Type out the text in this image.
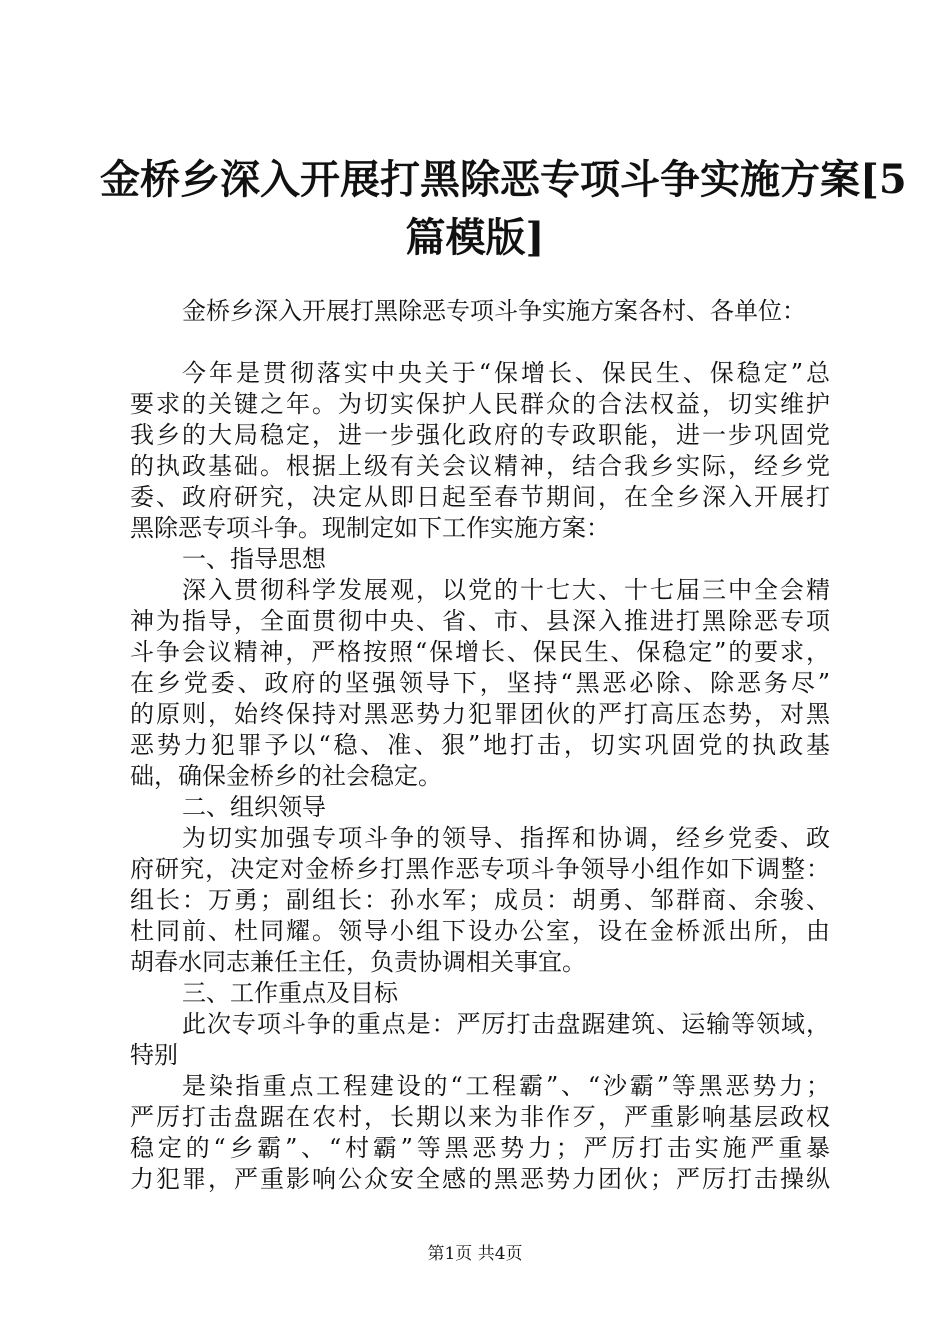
金桥乡深入开展打黑除恶专项斗争实施方案[5
篇模版]
金桥乡深入开展打黑除恶专项斗争实施方案各村、各单位：
今年是贯彻落实中央关于“保增长、保民生、保稳定”总
要求的关键之年。为切实保护人民群众的合法权益，切实维护
我乡的大局稳定，进一步强化政府的专政职能，进一步巩固党
的执政基础。根据上级有关会议精神，结合我乡实际，经乡党
委、政府研究，决定从即日起至春节期间，在全乡深入开展打
黑除恶专项斗争。现制定如下工作实施方案：
一、指导思想
深入贯彻科学发展观，以党的十七大、十七届三中全会精
神为指导，全面贯彻中央、省、市、县深入推进打黑除恶专项
斗争会议精神，严格按照“保增长、保民生、保稳定”的要求，
在乡党委、政府的坚强领导下，坚持“黑恶必除、除恶务尽”
的原则，始终保持对黑恶势力犯罪团伙的严打高压态势，对黑
恶势力犯罪予以“稳、准、狠”地打击，切实巩固党的执政基
础，确保金桥乡的社会稳定。
二、组织领导
为切实加强专项斗争的领导、指挥和协调，经乡党委、政
府研究，决定对金桥乡打黑作恶专项斗争领导小组作如下调整：
组长：万勇；副组长：孙水军；成员：胡勇、邹群商、余骏、
杜同前、杜同耀。领导小组下设办公室，设在金桥派出所，由
胡春水同志兼任主任，负责协调相关事宜。
三、工作重点及目标
此次专项斗争的重点是：严厉打击盘踞建筑、运输等领域，
特别
是染指重点工程建设的“工程霸”、“沙霸”等黑恶势力；
严厉打击盘踞在农村，长期以来为非作歹，严重影响基层政权
稳定的“乡霸”、“村霸”等黑恶势力；严厉打击实施严重暴
力犯罪，严重影响公众安全感的黑恶势力团伙；严厉打击操纵
第1页 共4页
